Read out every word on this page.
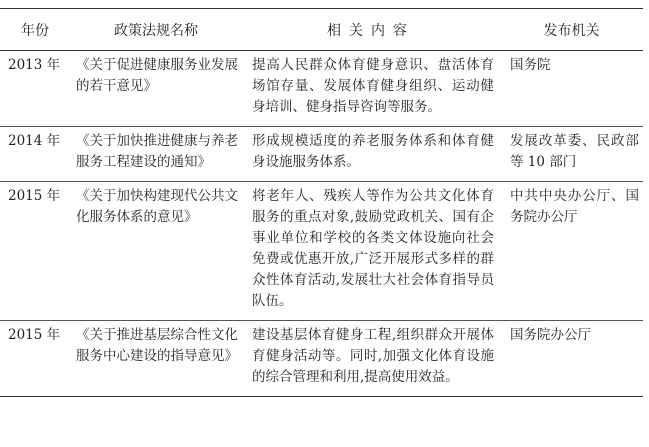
年份	政策法规名称	相关内容	发布机关
2013 年	《关于促进健康服务业发展的若干意见》	提高人民群众体育健身意识、盘活体育场馆存量、发展体育健身组织、运动健身培训、健身指导咨询等服务。	国务院
2014 年	《关于加快推进健康与养老服务工程建设的通知》	形成规模适度的养老服务体系和体育健身设施服务体系。	发展改革委、民政部等 10 部门
2015 年	《关于加快构建现代公共文化服务体系的意见》	将老年人、残疾人等作为公共文化体育服务的重点对象,鼓励党政机关、国有企事业单位和学校的各类文体设施向社会免费或优惠开放,广泛开展形式多样的群众性体育活动,发展壮大社会体育指导员队伍。	中共中央办公厅、国务院办公厅
2015 年	《关于推进基层综合性文化服务中心建设的指导意见》	建设基层体育健身工程,组织群众开展体育健身活动等。同时,加强文化体育设施的综合管理和利用,提高使用效益。	国务院办公厅
